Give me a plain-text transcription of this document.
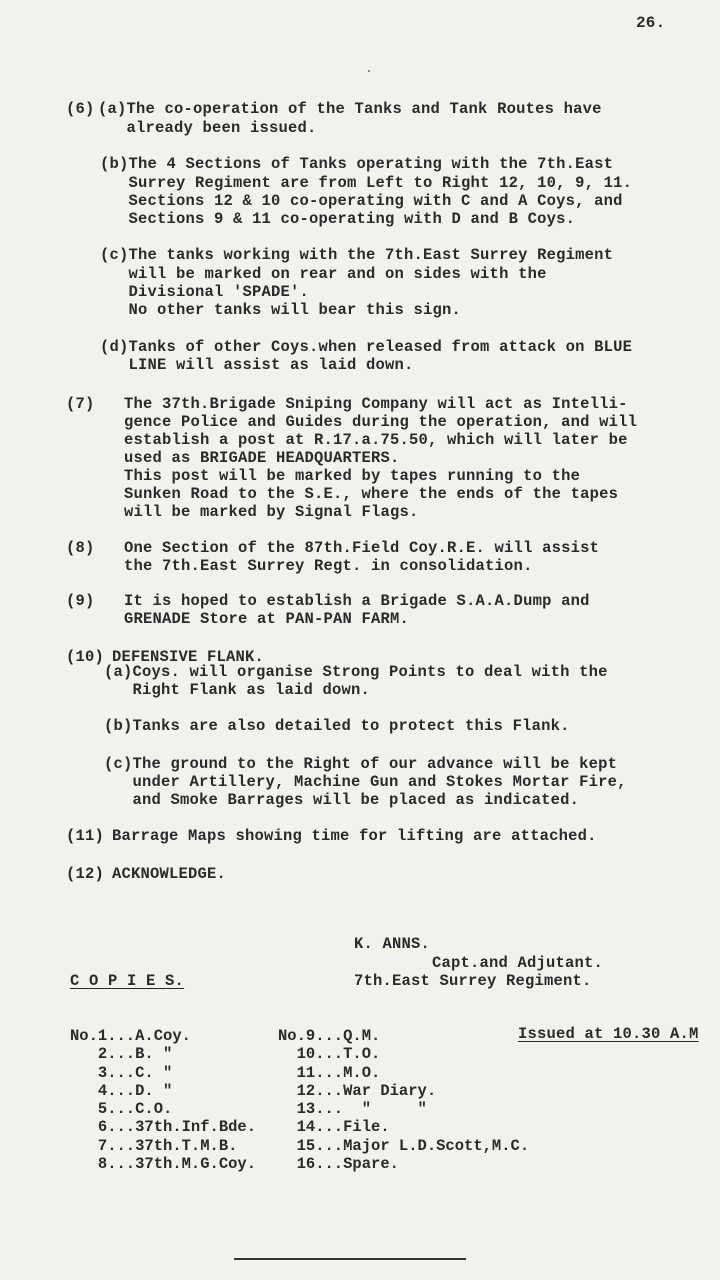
26.
(6) (a)The co-operation of the Tanks and Tank Routes have
already been issued.
(b)The 4 Sections of Tanks operating with the 7th.East
Surrey Regiment are from Left to Right 12, 10, 9, 11.
Sections 12 & 10 co-operating with C and A Coys, and
Sections 9 & 11 co-operating with D and B Coys.
(c)The tanks working with the 7th.East Surrey Regiment
will be marked on rear and on sides with the
Divisional 'SPADE'.
No other tanks will bear this sign.
(d)Tanks of other Coys.when released from attack on BLUE
LINE will assist as laid down.
(7) The 37th.Brigade Sniping Company will act as Intelli-
gence Police and Guides during the operation, and will
establish a post at R.17.a.75.50, which will later be
used as BRIGADE HEADQUARTERS.
This post will be marked by tapes running to the
Sunken Road to the S.E., where the ends of the tapes
will be marked by Signal Flags.
(8) One Section of the 87th.Field Coy.R.E. will assist
the 7th.East Surrey Regt. in consolidation.
(9) It is hoped to establish a Brigade S.A.A.Dump and
GRENADE Store at PAN-PAN FARM.
(10) DEFENSIVE FLANK.
(a)Coys. will organise Strong Points to deal with the
Right Flank as laid down.
(b)Tanks are also detailed to protect this Flank.
(c)The ground to the Right of our advance will be kept
under Artillery, Machine Gun and Stokes Mortar Fire,
and Smoke Barrages will be placed as indicated.
(11) Barrage Maps showing time for lifting are attached.
(12) ACKNOWLEDGE.
K. ANNS.
Capt.and Adjutant.
7th.East Surrey Regiment.
C O P I E S.
Issued at 10.30 A.M
No.1...A.Coy.
2...B. "
3...C. "
4...D. "
5...C.O.
6...37th.Inf.Bde.
7...37th.T.M.B.
8...37th.M.G.Coy.
No.9...Q.M.
10...T.O.
11...M.O.
12...War Diary.
13...  "     "
14...File.
15...Major L.D.Scott,M.C.
16...Spare.
